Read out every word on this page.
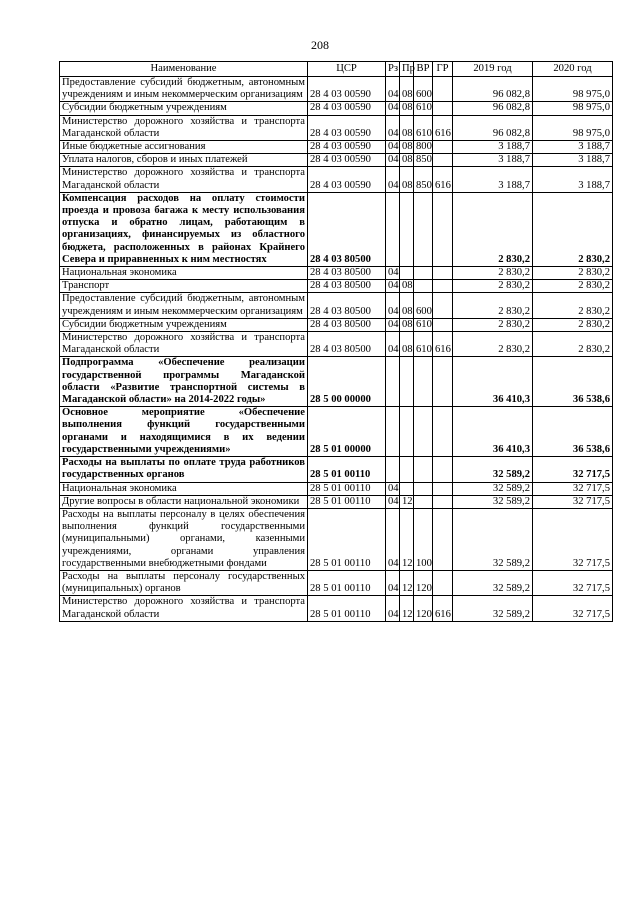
208
Наименование	ЦСР	Рз	Пр	ВР	ГР	2019 год	2020 год
Предоставление субсидий бюджетным, автономным учреждениям и иным некоммерческим организациям	28 4 03 00590	04	08	600		96 082,8	98 975,0
Субсидии бюджетным учреждениям	28 4 03 00590	04	08	610		96 082,8	98 975,0
Министерство дорожного хозяйства и транспорта Магаданской области	28 4 03 00590	04	08	610	616	96 082,8	98 975,0
Иные бюджетные ассигнования	28 4 03 00590	04	08	800		3 188,7	3 188,7
Уплата налогов, сборов и иных платежей	28 4 03 00590	04	08	850		3 188,7	3 188,7
Министерство дорожного хозяйства и транспорта Магаданской области	28 4 03 00590	04	08	850	616	3 188,7	3 188,7
Компенсация расходов на оплату стоимости проезда и провоза багажа к месту использования отпуска и обратно лицам, работающим в организациях, финансируемых из областного бюджета, расположенных в районах Крайнего Севера и приравненных к ним местностях	28 4 03 80500					2 830,2	2 830,2
Национальная экономика	28 4 03 80500	04				2 830,2	2 830,2
Транспорт	28 4 03 80500	04	08			2 830,2	2 830,2
Предоставление субсидий бюджетным, автономным учреждениям и иным некоммерческим организациям	28 4 03 80500	04	08	600		2 830,2	2 830,2
Субсидии бюджетным учреждениям	28 4 03 80500	04	08	610		2 830,2	2 830,2
Министерство дорожного хозяйства и транспорта Магаданской области	28 4 03 80500	04	08	610	616	2 830,2	2 830,2
Подпрограмма «Обеспечение реализации государственной программы Магаданской области «Развитие транспортной системы в Магаданской области» на 2014-2022 годы»	28 5 00 00000					36 410,3	36 538,6
Основное мероприятие «Обеспечение выполнения функций государственными органами и находящимися в их ведении государственными учреждениями»	28 5 01 00000					36 410,3	36 538,6
Расходы на выплаты по оплате труда работников государственных органов	28 5 01 00110					32 589,2	32 717,5
Национальная экономика	28 5 01 00110	04				32 589,2	32 717,5
Другие вопросы в области национальной экономики	28 5 01 00110	04	12			32 589,2	32 717,5
Расходы на выплаты персоналу в целях обеспечения выполнения функций государственными (муниципальными) органами, казенными учреждениями, органами управления государственными внебюджетными фондами	28 5 01 00110	04	12	100		32 589,2	32 717,5
Расходы на выплаты персоналу государственных (муниципальных) органов	28 5 01 00110	04	12	120		32 589,2	32 717,5
Министерство дорожного хозяйства и транспорта Магаданской области	28 5 01 00110	04	12	120	616	32 589,2	32 717,5
